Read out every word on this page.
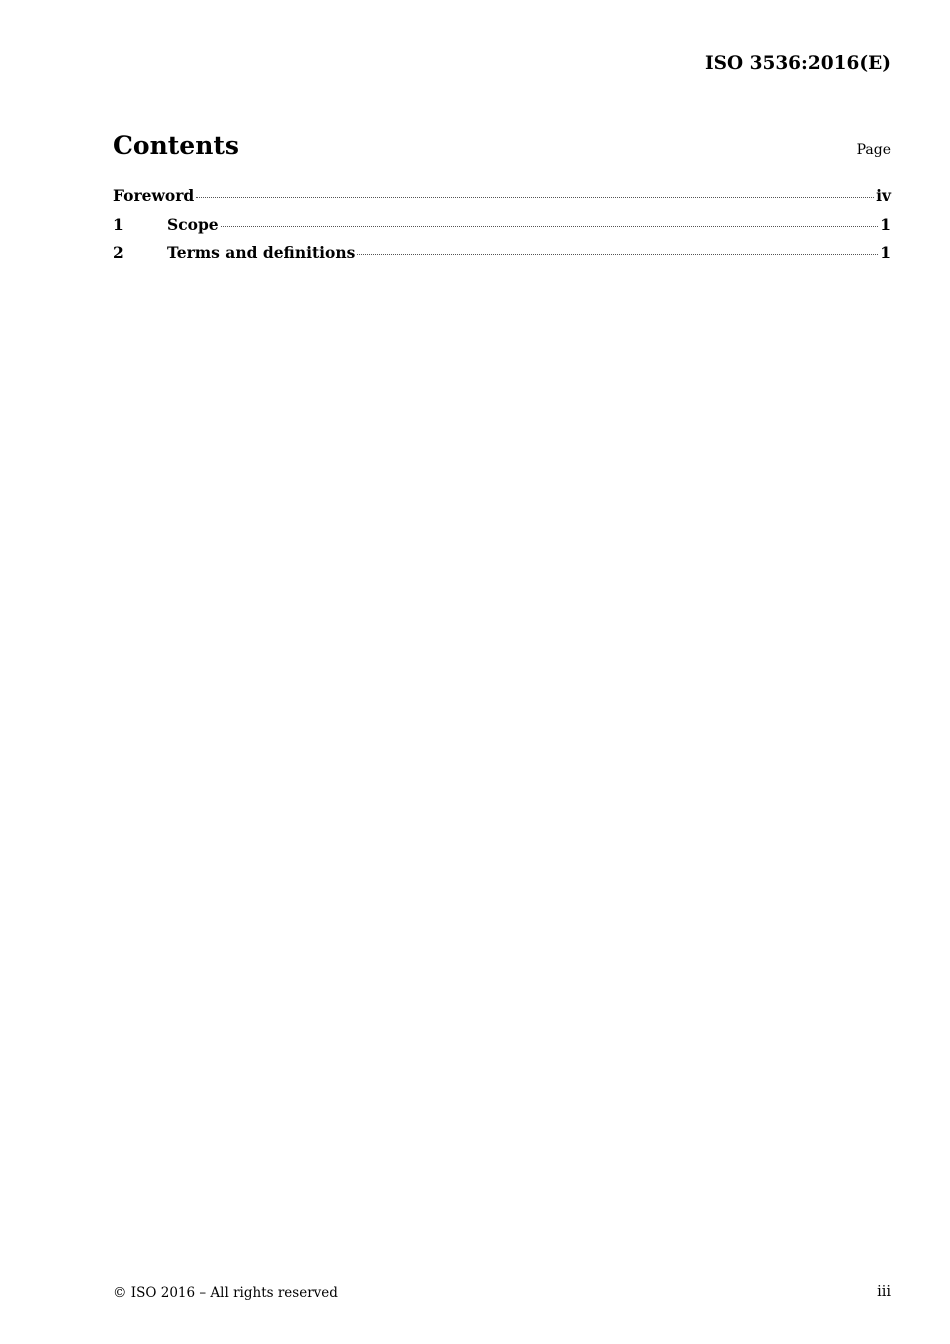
ISO 3536:2016(E)
Contents	Page
Foreword	iv
1	Scope	1
2	Terms and definitions	1
© ISO 2016 – All rights reserved	iii
